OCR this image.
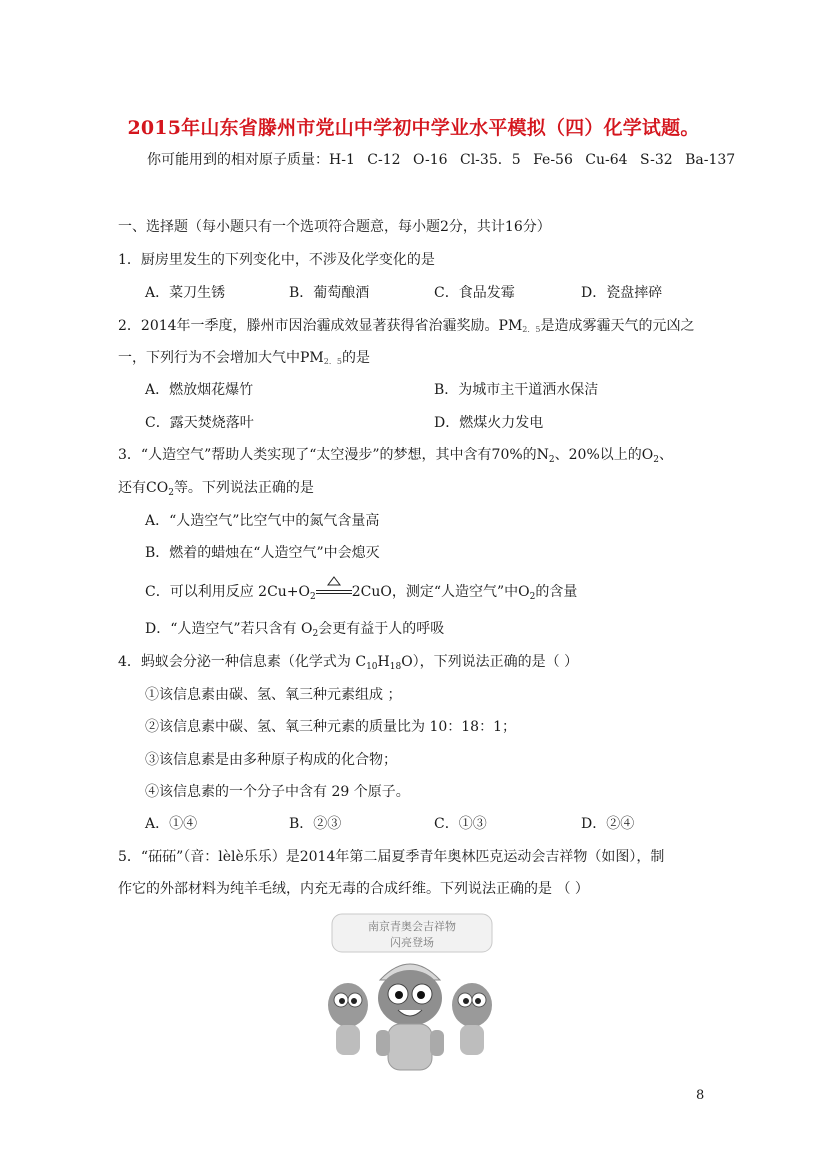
2015年山东省滕州市党山中学初中学业水平模拟（四）化学试题。
你可能用到的相对原子质量：H-1 C-12 O-16 Cl-35．5 Fe-56 Cu-64 S-32 Ba-137
一、选择题（每小题只有一个选项符合题意，每小题2分，共计16分）
1．厨房里发生的下列变化中，不涉及化学变化的是
A．菜刀生锈	B．葡萄酿酒	C．食品发霉	D．瓷盘摔碎
2．2014年一季度，滕州市因治霾成效显著获得省治霾奖励。$PM_{2.5}$是造成雾霾天气的元凶之
一，下列行为不会增加大气中$PM_{2.5}$的是
A．燃放烟花爆竹	B．为城市主干道洒水保洁
C．露天焚烧落叶	D．燃煤火力发电
3．“人造空气”帮助人类实现了“太空漫步”的梦想，其中含有70%的$N_2$、20%以上的$O_2$、
还有$CO_2$等。下列说法正确的是
A．“人造空气”比空气中的氮气含量高
B．燃着的蜡烛在“人造空气”中会熄灭
C．可以利用反应 $2Cu+O_2$	2CuO，测定“人造空气”中$O_2$的含量
D．“人造空气”若只含有 $O_2$会更有益于人的呼吸
4．蚂蚁会分泌一种信息素（化学式为 $C_{10}H_{18}O$），下列说法正确的是（ ）
①该信息素由碳、氢、氧三种元素组成 ；
②该信息素中碳、氢、氧三种元素的质量比为 10：18：1；
③该信息素是由多种原子构成的化合物；
④该信息素的一个分子中含有 29 个原子。
A．①④	B．②③	C．①③	D．②④
5．“砳砳”（音：lèlè乐乐）是2014年第二届夏季青年奥林匹克运动会吉祥物（如图），制
作它的外部材料为纯羊毛绒，内充无毒的合成纤维。下列说法正确的是 （ ）
南京青奥会吉祥物
闪亮登场
8
